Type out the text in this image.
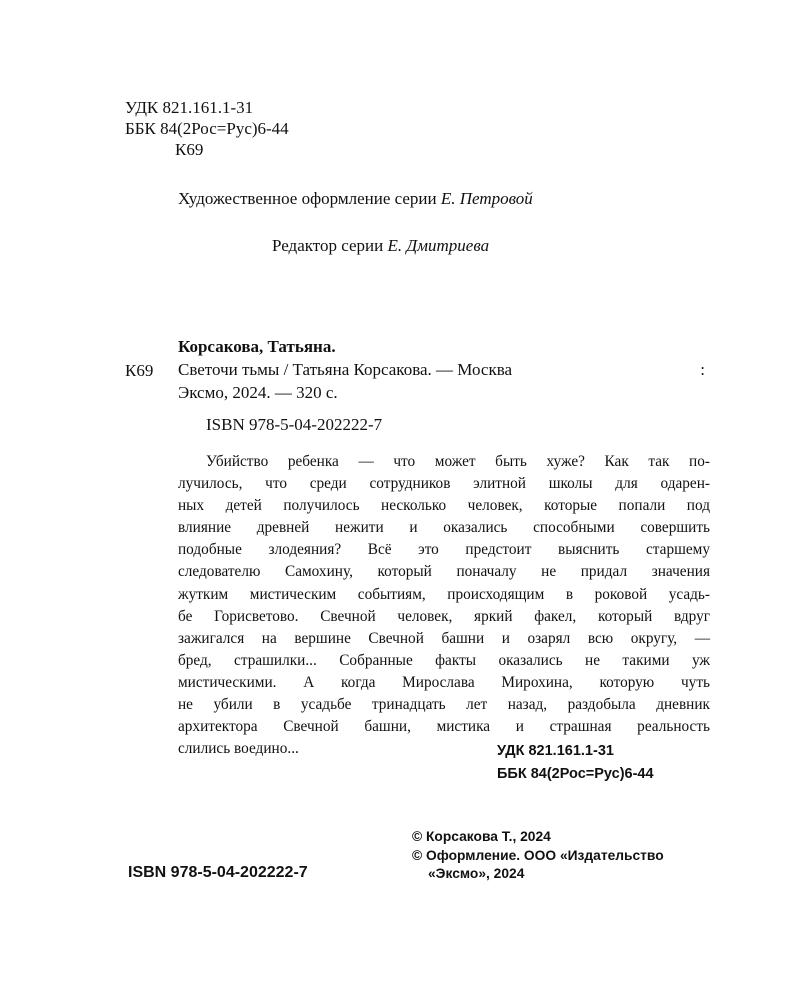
УДК 821.161.1-31
ББК 84(2Рос=Рус)6-44
К69
Художественное оформление серии Е. Петровой
Редактор серии Е. Дмитриева
Корсакова, Татьяна.
К69 Светочи тьмы / Татьяна Корсакова. — Москва	:
Эксмо, 2024. — 320 с.
ISBN 978-5-04-202222-7
Убийство ребенка — что может быть хуже? Как так по-
лучилось, что среди сотрудников элитной школы для одарен-
ных детей получилось несколько человек, которые попали под
влияние древней нежити и оказались способными совершить
подобные злодеяния? Всё это предстоит выяснить старшему
следователю Самохину, который поначалу не придал значения
жутким мистическим событиям, происходящим в роковой усадь-
бе Горисветово. Свечной человек, яркий факел, который вдруг
зажигался на вершине Свечной башни и озарял всю округу, —
бред, страшилки... Собранные факты оказались не такими уж
мистическими. А когда Мирослава Мирохина, которую чуть
не убили в усадьбе тринадцать лет назад, раздобыла дневник
архитектора Свечной башни, мистика и страшная реальность
слились воедино...	УДК 821.161.1-31
ББК 84(2Рос=Рус)6-44
ISBN 978-5-04-202222-7
© Корсакова Т., 2024
© Оформление. ООО «Издательство
«Эксмо», 2024
